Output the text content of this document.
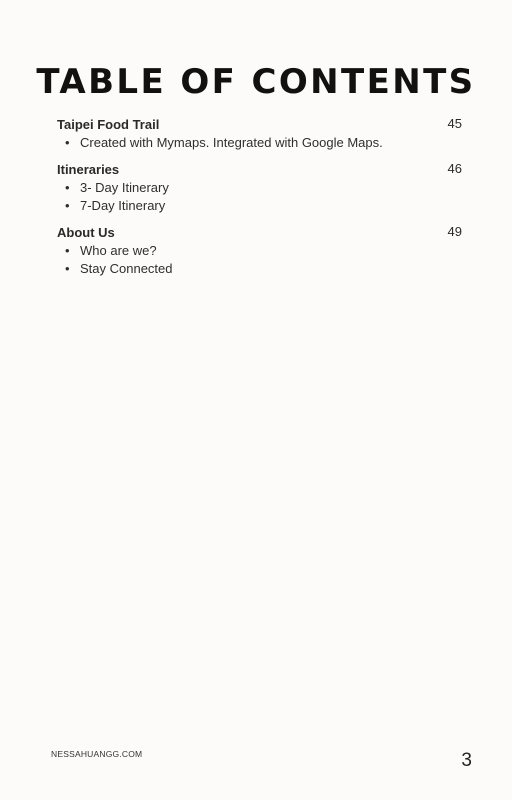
TABLE OF CONTENTS
Taipei Food Trail	45
• Created with Mymaps. Integrated with Google Maps.
Itineraries	46
• 3- Day Itinerary
• 7-Day Itinerary
About Us	49
• Who are we?
• Stay Connected
NESSAHUANGG.COM	3
